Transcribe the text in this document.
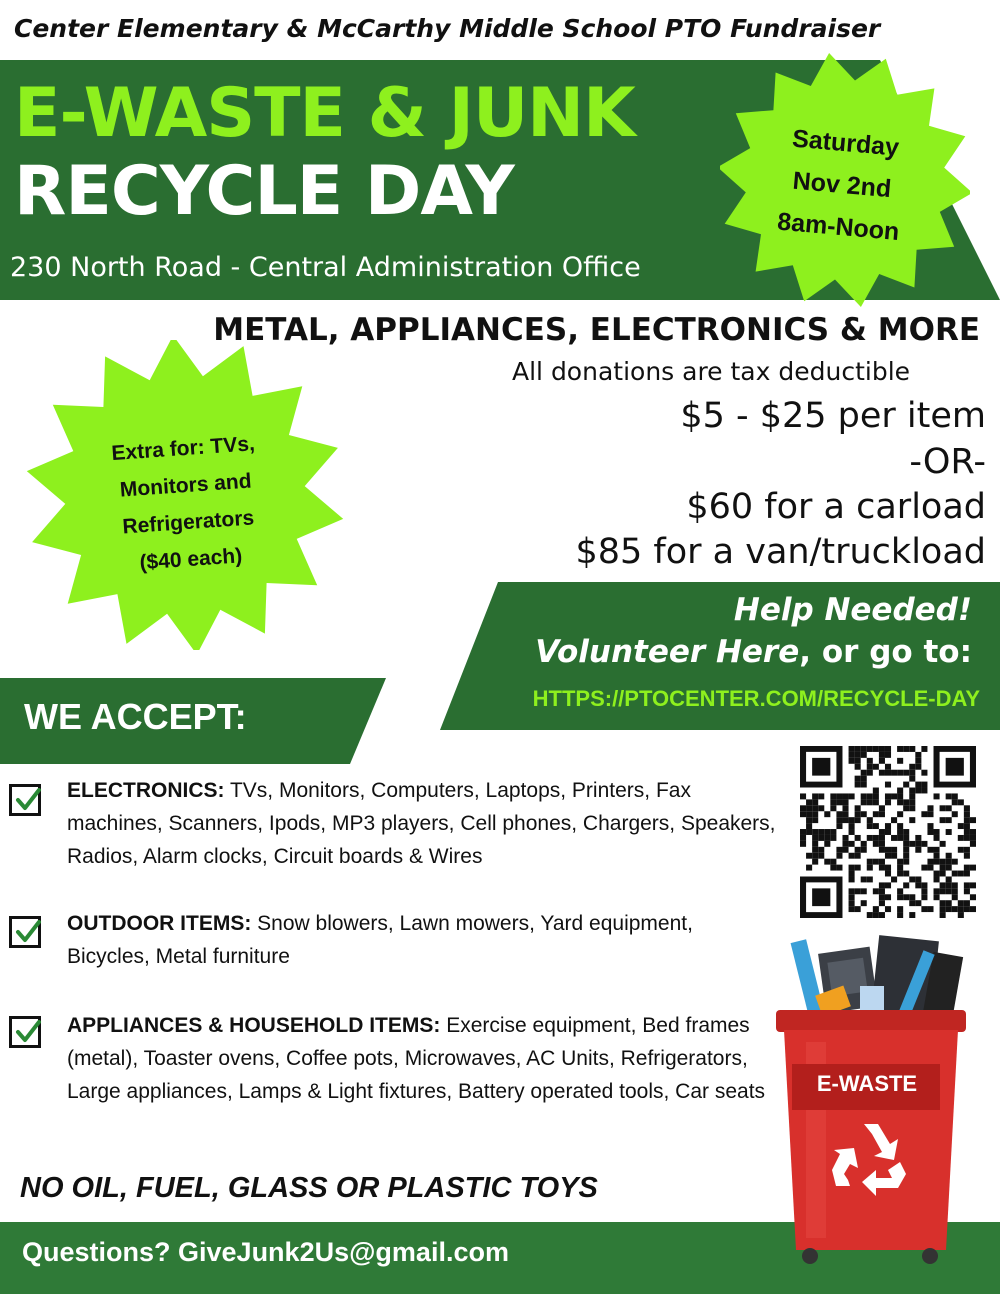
Center Elementary & McCarthy Middle School PTO Fundraiser
E-WASTE & JUNK
RECYCLE DAY
230 North Road - Central Administration Office
Saturday
Nov 2nd
8am-Noon
METAL, APPLIANCES, ELECTRONICS & MORE
All donations are tax deductible
$5 - $25 per item
-OR-
$60 for a carload
$85 for a van/truckload
Extra for: TVs,
Monitors and
Refrigerators
($40 each)
Help Needed!
Volunteer Here, or go to:
HTTPS://PTOCENTER.COM/RECYCLE-DAY
WE ACCEPT:
ELECTRONICS: TVs, Monitors, Computers, Laptops, Printers, Fax machines, Scanners, Ipods, MP3 players, Cell phones, Chargers, Speakers, Radios, Alarm clocks, Circuit boards & Wires
OUTDOOR ITEMS: Snow blowers, Lawn mowers, Yard equipment, Bicycles, Metal furniture
APPLIANCES & HOUSEHOLD ITEMS: Exercise equipment, Bed frames (metal), Toaster ovens, Coffee pots, Microwaves, AC Units, Refrigerators, Large appliances, Lamps & Light fixtures, Battery operated tools, Car seats
NO OIL, FUEL, GLASS OR PLASTIC TOYS
Questions? GiveJunk2Us@gmail.com
E-WASTE
